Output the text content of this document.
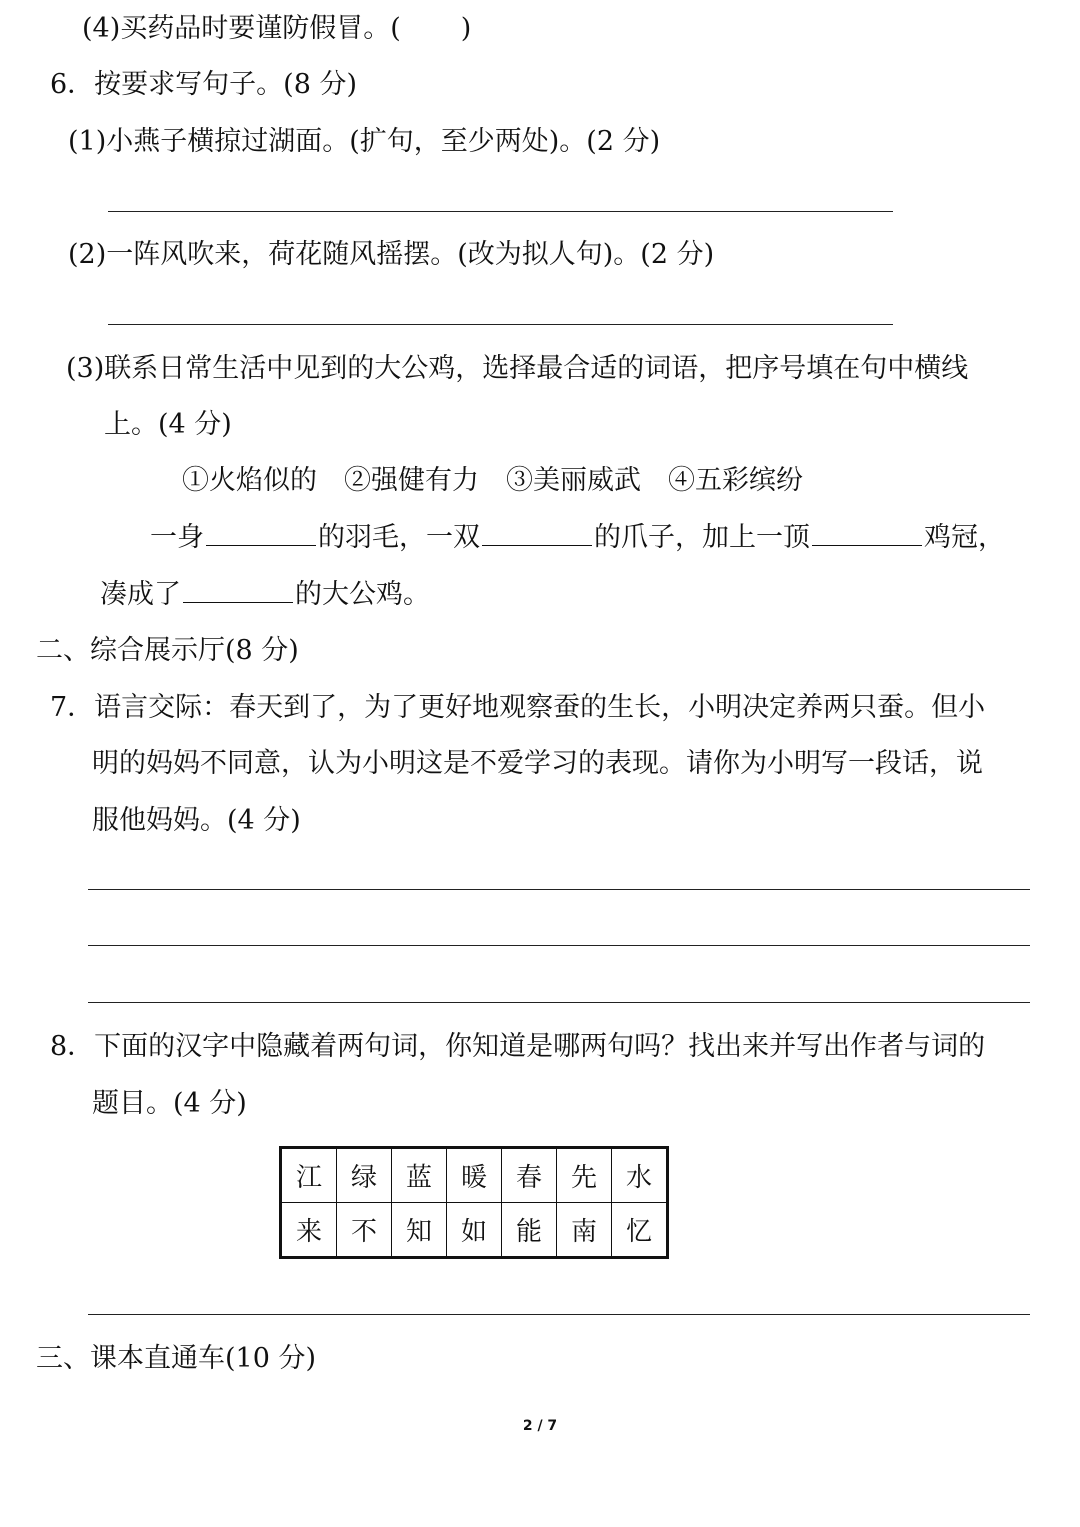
(4)买药品时要谨防假冒。( )
6．按要求写句子。(8 分)
(1)小燕子横掠过湖面。(扩句，至少两处)。(2 分)
(2)一阵风吹来，荷花随风摇摆。(改为拟人句)。(2 分)
(3)联系日常生活中见到的大公鸡，选择最合适的词语，把序号填在句中横线
上。(4 分)
①火焰似的　②强健有力　③美丽威武　④五彩缤纷
一身	的羽毛，一双	的爪子，加上一顶	鸡冠，
凑成了	的大公鸡。
二、综合展示厅(8 分)
7．语言交际：春天到了，为了更好地观察蚕的生长，小明决定养两只蚕。但小
明的妈妈不同意，认为小明这是不爱学习的表现。请你为小明写一段话，说
服他妈妈。(4 分)
8．下面的汉字中隐藏着两句词，你知道是哪两句吗？找出来并写出作者与词的
题目。(4 分)
江	绿	蓝	暖	春	先	水
来	不	知	如	能	南	忆
三、课本直通车(10 分)
2 / 7
